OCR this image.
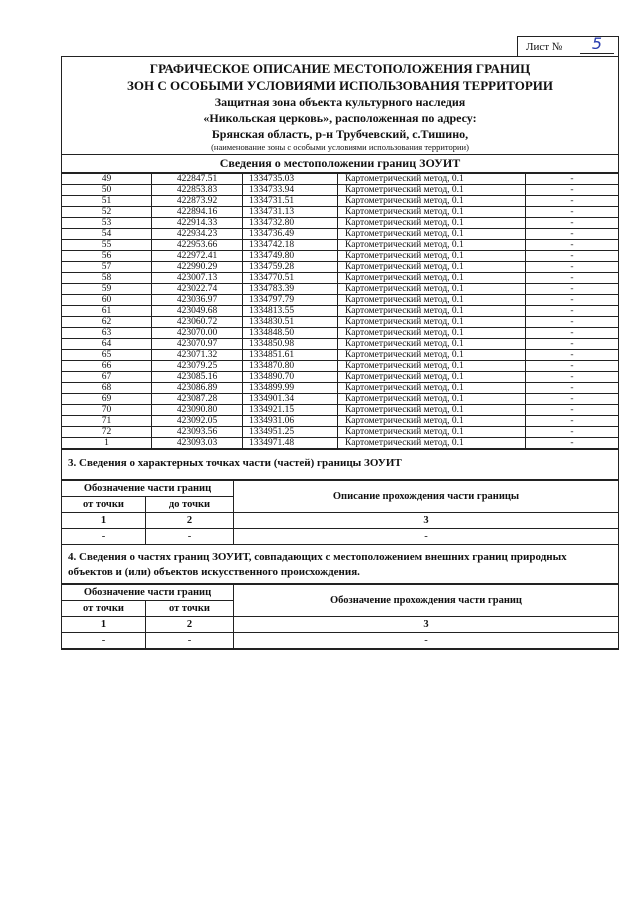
Лист №	5
ГРАФИЧЕСКОЕ ОПИСАНИЕ МЕСТОПОЛОЖЕНИЯ ГРАНИЦ
ЗОН С ОСОБЫМИ УСЛОВИЯМИ ИСПОЛЬЗОВАНИЯ ТЕРРИТОРИИ
Защитная зона объекта культурного наследия
«Никольская церковь», расположенная по адресу:
Брянская область, р-н Трубчевский, с.Тишино,
(наименование зоны с особыми условиями использования территории)
Сведения о местоположении границ ЗОУИТ
49	422847.51	1334735.03	Картометрический метод, 0.1	-
50	422853.83	1334733.94	Картометрический метод, 0.1	-
51	422873.92	1334731.51	Картометрический метод, 0.1	-
52	422894.16	1334731.13	Картометрический метод, 0.1	-
53	422914.33	1334732.80	Картометрический метод, 0.1	-
54	422934.23	1334736.49	Картометрический метод, 0.1	-
55	422953.66	1334742.18	Картометрический метод, 0.1	-
56	422972.41	1334749.80	Картометрический метод, 0.1	-
57	422990.29	1334759.28	Картометрический метод, 0.1	-
58	423007.13	1334770.51	Картометрический метод, 0.1	-
59	423022.74	1334783.39	Картометрический метод, 0.1	-
60	423036.97	1334797.79	Картометрический метод, 0.1	-
61	423049.68	1334813.55	Картометрический метод, 0.1	-
62	423060.72	1334830.51	Картометрический метод, 0.1	-
63	423070.00	1334848.50	Картометрический метод, 0.1	-
64	423070.97	1334850.98	Картометрический метод, 0.1	-
65	423071.32	1334851.61	Картометрический метод, 0.1	-
66	423079.25	1334870.80	Картометрический метод, 0.1	-
67	423085.16	1334890.70	Картометрический метод, 0.1	-
68	423086.89	1334899.99	Картометрический метод, 0.1	-
69	423087.28	1334901.34	Картометрический метод, 0.1	-
70	423090.80	1334921.15	Картометрический метод, 0.1	-
71	423092.05	1334931.06	Картометрический метод, 0.1	-
72	423093.56	1334951.25	Картометрический метод, 0.1	-
1	423093.03	1334971.48	Картометрический метод, 0.1	-
3. Сведения о характерных точках части (частей) границы ЗОУИТ
Обозначение части границ		Описание прохождения части границы
от точки	до точки	
1	2	3
-	-	-
4. Сведения о частях границ ЗОУИТ, совпадающих с местоположением внешних границ природных объектов и (или) объектов искусственного происхождения.
Обозначение части границ		Обозначение прохождения части границ
от точки	от точки	
1	2	3
-	-	-
